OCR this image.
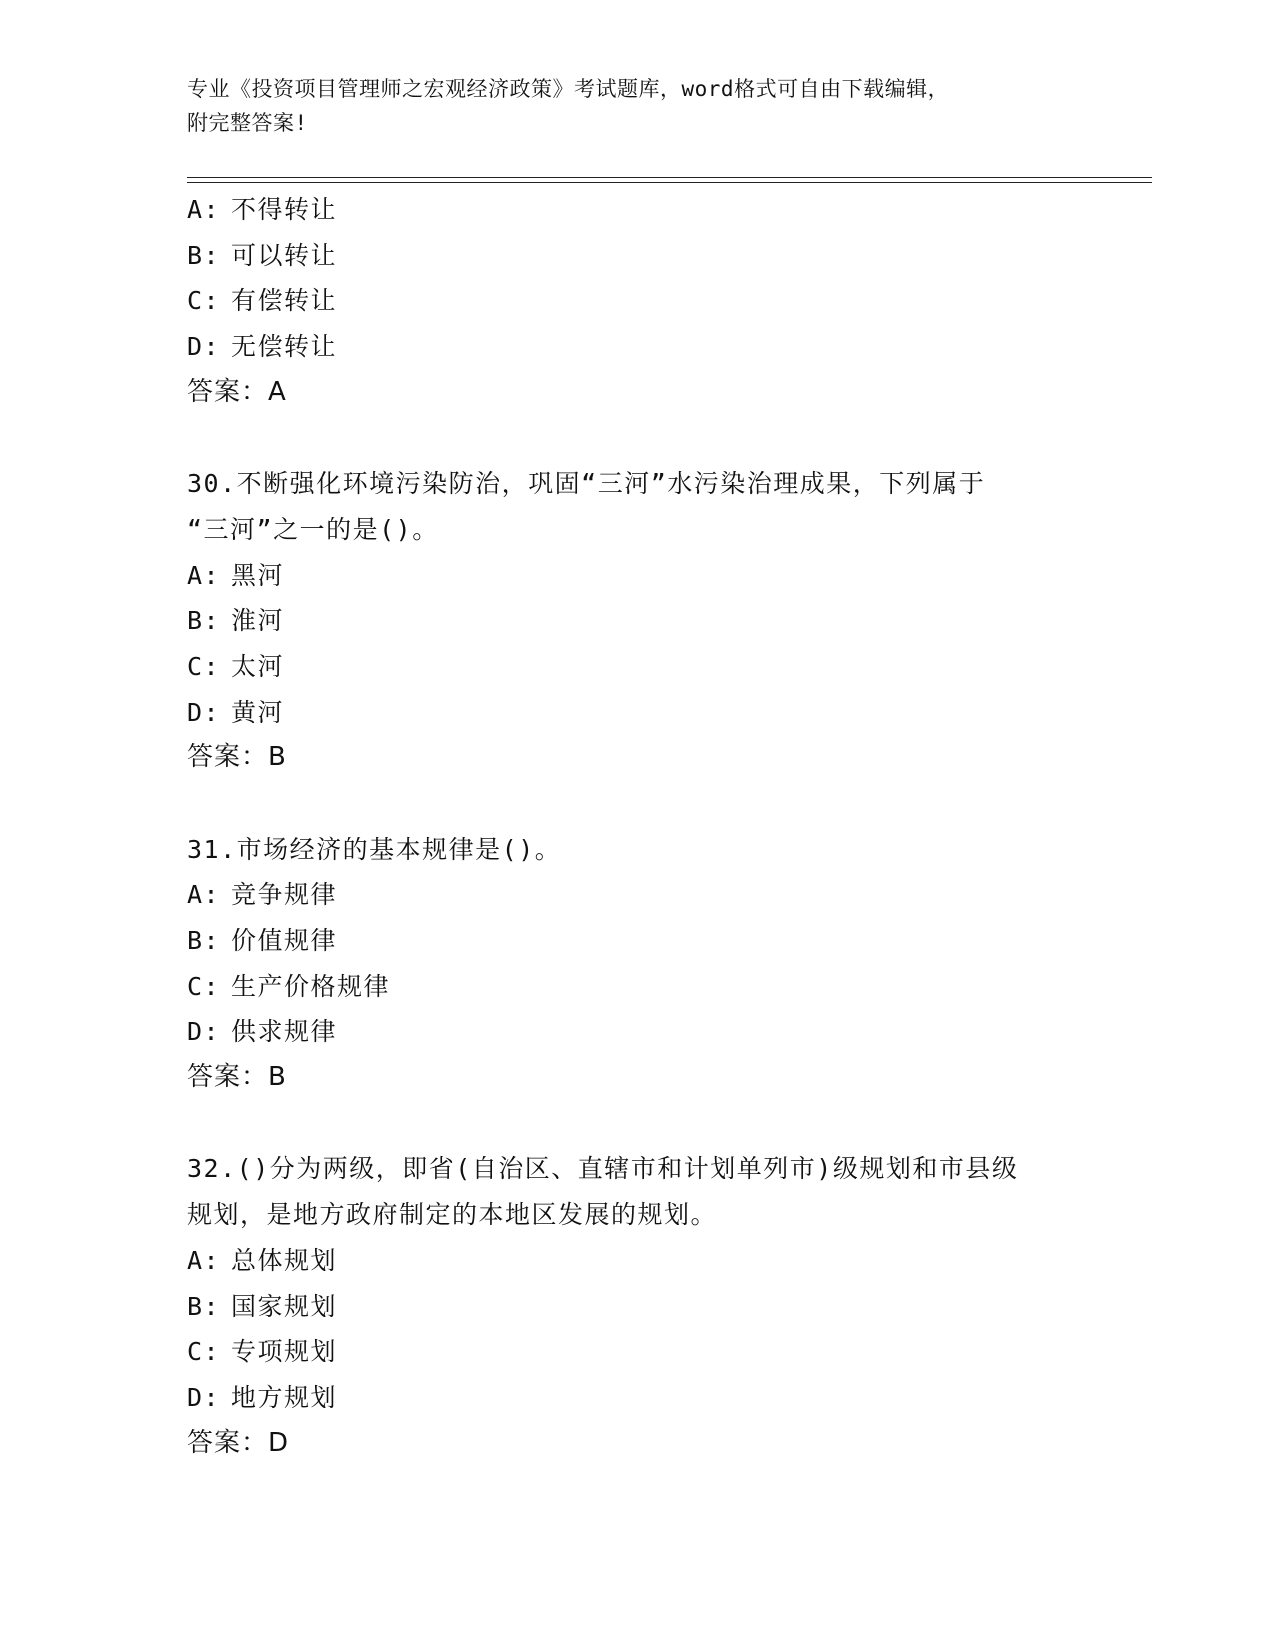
专业《投资项目管理师之宏观经济政策》考试题库，word格式可自由下载编辑，
附完整答案!
A: 不得转让
B: 可以转让
C: 有偿转让
D: 无偿转让
答案：A
30.不断强化环境污染防治，巩固“三河”水污染治理成果，下列属于
“三河”之一的是()。
A: 黑河
B: 淮河
C: 太河
D: 黄河
答案：B
31.市场经济的基本规律是()。
A: 竞争规律
B: 价值规律
C: 生产价格规律
D: 供求规律
答案：B
32.()分为两级，即省(自治区、直辖市和计划单列市)级规划和市县级
规划，是地方政府制定的本地区发展的规划。
A: 总体规划
B: 国家规划
C: 专项规划
D: 地方规划
答案：D
